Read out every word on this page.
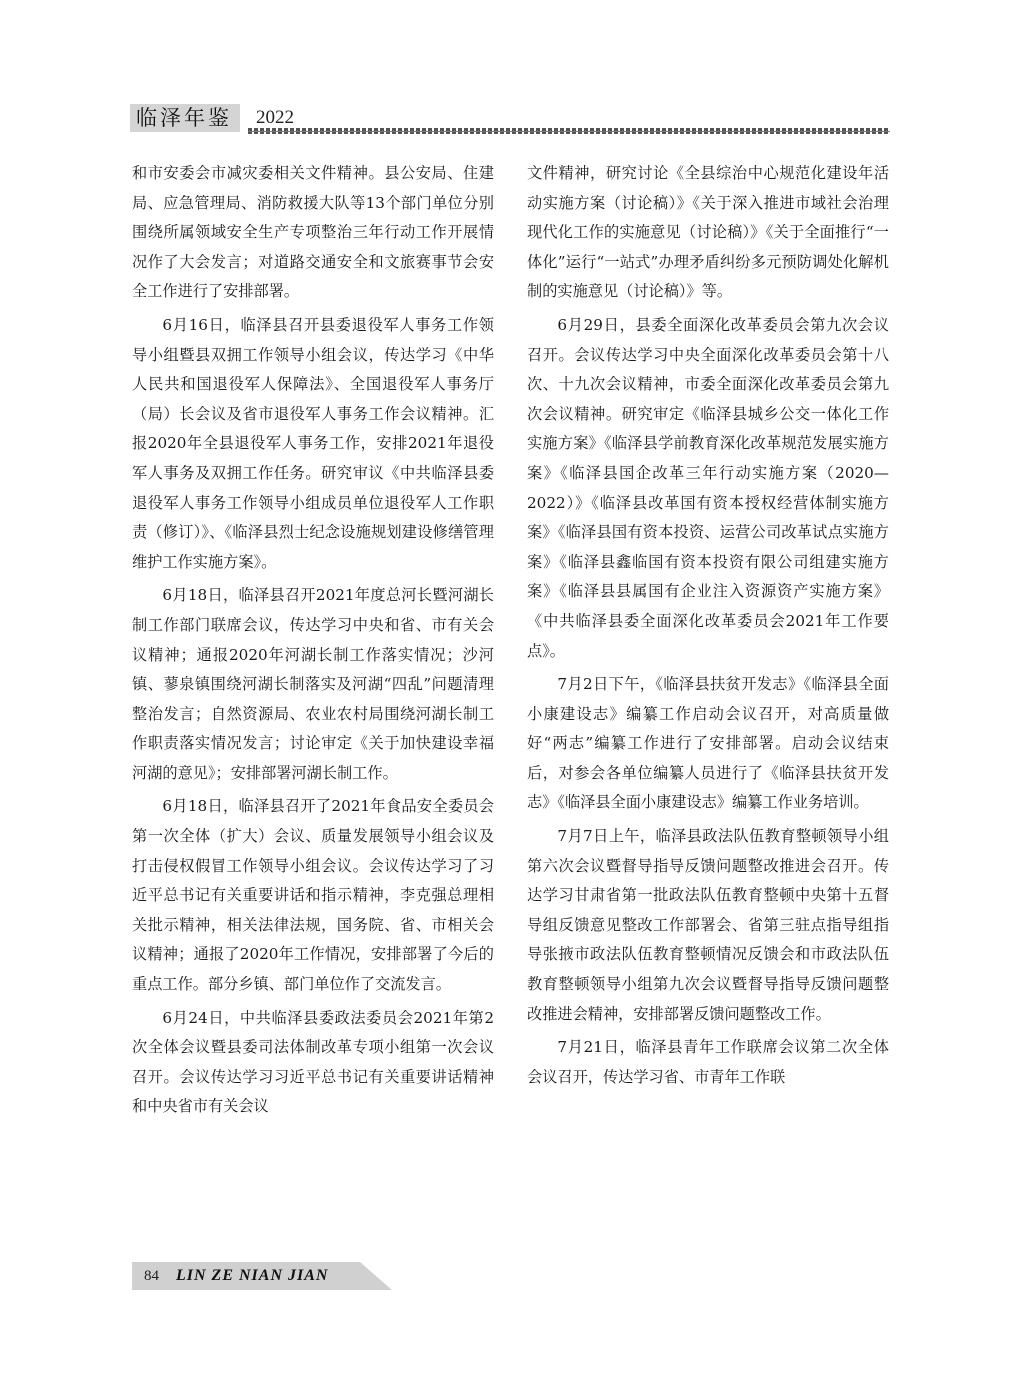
临泽年鉴	2022

和市安委会市减灾委相关文件精神。县公安局、住建局、应急管理局、消防救援大队等13个部门单位分别围绕所属领域安全生产专项整治三年行动工作开展情况作了大会发言；对道路交通安全和文旅赛事节会安全工作进行了安排部署。

6月16日，临泽县召开县委退役军人事务工作领导小组暨县双拥工作领导小组会议，传达学习《中华人民共和国退役军人保障法》、全国退役军人事务厅（局）长会议及省市退役军人事务工作会议精神。汇报2020年全县退役军人事务工作，安排2021年退役军人事务及双拥工作任务。研究审议《中共临泽县委退役军人事务工作领导小组成员单位退役军人工作职责（修订）》、《临泽县烈士纪念设施规划建设修缮管理维护工作实施方案》。

6月18日，临泽县召开2021年度总河长暨河湖长制工作部门联席会议，传达学习中央和省、市有关会议精神；通报2020年河湖长制工作落实情况；沙河镇、蓼泉镇围绕河湖长制落实及河湖“四乱”问题清理整治发言；自然资源局、农业农村局围绕河湖长制工作职责落实情况发言；讨论审定《关于加快建设幸福河湖的意见》；安排部署河湖长制工作。

6月18日，临泽县召开了2021年食品安全委员会第一次全体（扩大）会议、质量发展领导小组会议及打击侵权假冒工作领导小组会议。会议传达学习了习近平总书记有关重要讲话和指示精神，李克强总理相关批示精神，相关法律法规，国务院、省、市相关会议精神；通报了2020年工作情况，安排部署了今后的重点工作。部分乡镇、部门单位作了交流发言。

6月24日，中共临泽县委政法委员会2021年第2次全体会议暨县委司法体制改革专项小组第一次会议召开。会议传达学习习近平总书记有关重要讲话精神和中央省市有关会议

文件精神，研究讨论《全县综治中心规范化建设年活动实施方案（讨论稿）》《关于深入推进市域社会治理现代化工作的实施意见（讨论稿）》《关于全面推行“一体化”运行“一站式”办理矛盾纠纷多元预防调处化解机制的实施意见（讨论稿）》等。

6月29日，县委全面深化改革委员会第九次会议召开。会议传达学习中央全面深化改革委员会第十八次、十九次会议精神，市委全面深化改革委员会第九次会议精神。研究审定《临泽县城乡公交一体化工作实施方案》《临泽县学前教育深化改革规范发展实施方案》《临泽县国企改革三年行动实施方案（2020—2022）》《临泽县改革国有资本授权经营体制实施方案》《临泽县国有资本投资、运营公司改革试点实施方案》《临泽县鑫临国有资本投资有限公司组建实施方案》《临泽县县属国有企业注入资源资产实施方案》《中共临泽县委全面深化改革委员会2021年工作要点》。

7月2日下午，《临泽县扶贫开发志》《临泽县全面小康建设志》编纂工作启动会议召开，对高质量做好“两志”编纂工作进行了安排部署。启动会议结束后，对参会各单位编纂人员进行了《临泽县扶贫开发志》《临泽县全面小康建设志》编纂工作业务培训。

7月7日上午，临泽县政法队伍教育整顿领导小组第六次会议暨督导指导反馈问题整改推进会召开。传达学习甘肃省第一批政法队伍教育整顿中央第十五督导组反馈意见整改工作部署会、省第三驻点指导组指导张掖市政法队伍教育整顿情况反馈会和市政法队伍教育整顿领导小组第九次会议暨督导指导反馈问题整改推进会精神，安排部署反馈问题整改工作。

7月21日，临泽县青年工作联席会议第二次全体会议召开，传达学习省、市青年工作联

84 LIN ZE NIAN JIAN
